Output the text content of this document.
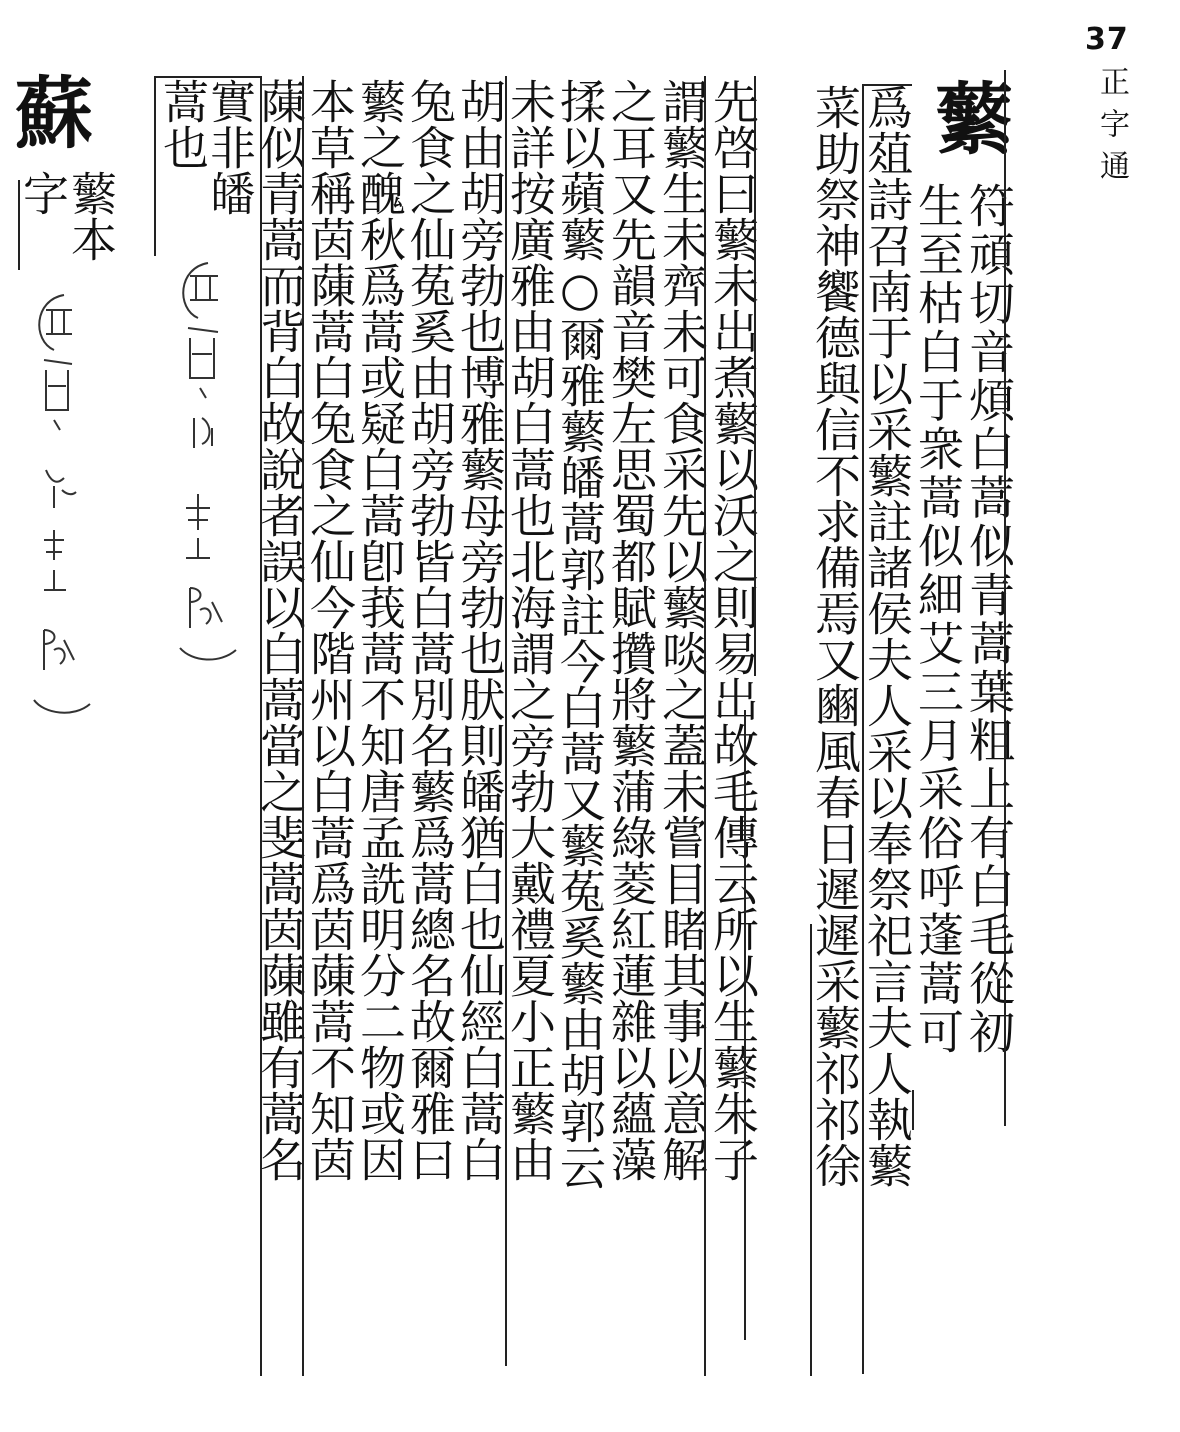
37
正字通
蘩
符頑切音煩白蒿似青蒿葉粗上有白毛從初
生至枯白于衆蒿似細艾三月采俗呼蓬蒿可
爲葅詩召南于以采蘩註諸侯夫人采以奉祭祀言夫人執蘩
菜助祭神饗德與信不求備焉又豳風春日遲遲采蘩祁祁徐
先啓曰蘩未出煮蘩以沃之則易出故毛傳云所以生蘩朱子
謂蘩生未齊未可食采先以蘩啖之蓋未嘗目睹其事以意解
之耳又先韻音樊左思蜀都賦攢將蘩蒲綠菱紅蓮雜以蘊藻
揉以蘋蘩○爾雅蘩皤蒿郭註今白蒿又蘩菟奚蘩由胡郭云
未詳按廣雅由胡白蒿也北海謂之旁勃大戴禮夏小正蘩由
胡由胡旁勃也博雅蘩母旁勃也肰則皤猶白也仙經白蒿白
兔食之仙菟奚由胡旁勃皆白蒿別名蘩爲蒿總名故爾雅曰
蘩之醜秋爲蒿或疑白蒿卽莪蒿不知唐孟詵明分二物或因
本草稱茵蔯蒿白兔食之仙今階州以白蒿爲茵蔯蒿不知茵
蔯似青蒿而背白故說者誤以白蒿當之斐蒿茵蔯雖有蒿名
實非皤
蒿也
蘇
蘩本
字
